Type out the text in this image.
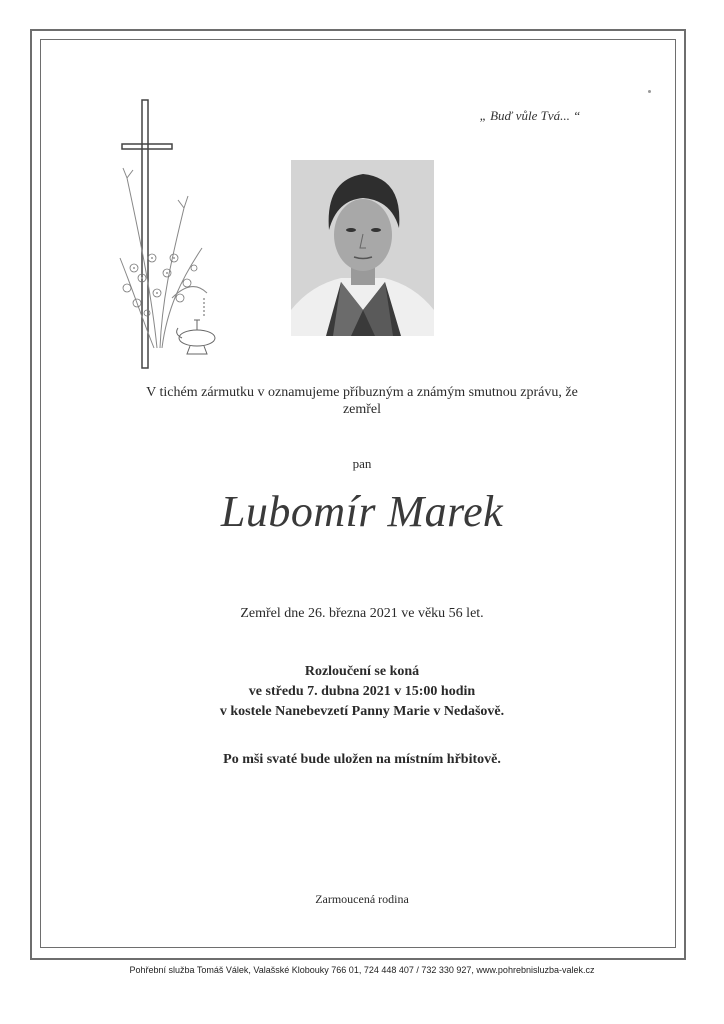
„ Buď vůle Tvá... “
V tichém zármutku v oznamujeme příbuzným a známým smutnou zprávu, že
zemřel
pan
Lubomír Marek
Zemřel dne 26. března 2021 ve věku 56 let.
Rozloučení se koná
ve středu 7. dubna 2021 v 15:00 hodin
v kostele Nanebevzetí Panny Marie v Nedašově.
Po mši svaté bude uložen na místním hřbitově.
Zarmoucená rodina
Pohřební služba Tomáš Válek, Valašské Klobouky 766 01, 724 448 407 / 732 330 927, www.pohrebnisluzba-valek.cz
